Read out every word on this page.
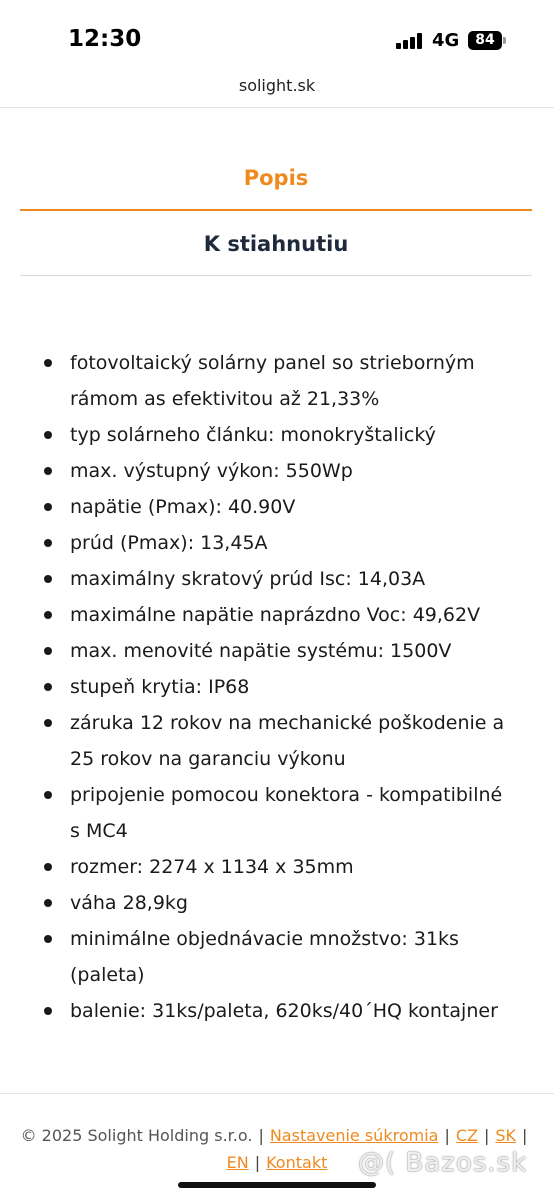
12:30	4G	84
solight.sk
Popis
K stiahnutiu
fotovoltaický solárny panel so strieborným rámom as efektivitou až 21,33%
typ solárneho článku: monokryštalický
max. výstupný výkon: 550Wp
napätie (Pmax): 40.90V
prúd (Pmax): 13,45A
maximálny skratový prúd Isc: 14,03A
maximálne napätie naprázdno Voc: 49,62V
max. menovité napätie systému: 1500V
stupeň krytia: IP68
záruka 12 rokov na mechanické poškodenie a 25 rokov na garanciu výkonu
pripojenie pomocou konektora - kompatibilné s MC4
rozmer: 2274 x 1134 x 35mm
váha 28,9kg
minimálne objednávacie množstvo: 31ks (paleta)
balenie: 31ks/paleta, 620ks/40´HQ kontajner
© 2025 Solight Holding s.r.o. | Nastavenie súkromia | CZ | SK |
EN | Kontakt	@( Bazos.sk
